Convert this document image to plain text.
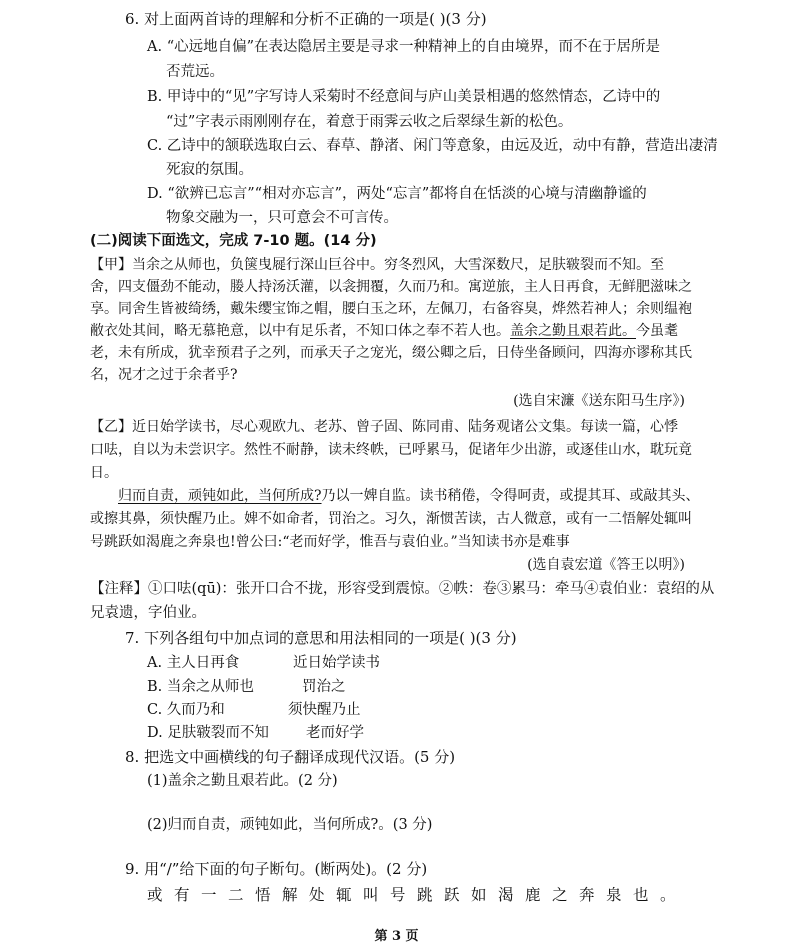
6. 对上面两首诗的理解和分析不正确的一项是( )(3 分)
A. “心远地自偏”在表达隐居主要是寻求一种精神上的自由境界，而不在于居所是
否荒远。
B. 甲诗中的“见”字写诗人采菊时不经意间与庐山美景相遇的悠然情态，乙诗中的
“过”字表示雨刚刚存在，着意于雨霁云收之后翠绿生新的松色。
C. 乙诗中的颔联选取白云、春草、静渚、闲门等意象，由远及近，动中有静，营造出凄清
死寂的氛围。
D. “欲辨已忘言”“相对亦忘言”，两处“忘言”都将自在恬淡的心境与清幽静谧的
物象交融为一，只可意会不可言传。
(二)阅读下面选文，完成 7-10 题。(14 分)
【甲】当余之从师也，负箧曳屣行深山巨谷中。穷冬烈风，大雪深数尺，足肤皲裂而不知。至
舍，四支僵劲不能动，媵人持汤沃灌，以衾拥覆，久而乃和。寓逆旅，主人日再食，无鲜肥滋味之
享。同舍生皆被绮绣，戴朱缨宝饰之帽，腰白玉之环，左佩刀，右备容臭，烨然若神人；余则缊袍
敝衣处其间，略无慕艳意，以中有足乐者，不知口体之奉不若人也。盖余之勤且艰若此。今虽耄
老，未有所成，犹幸预君子之列，而承天子之宠光，缀公卿之后，日侍坐备顾问，四海亦谬称其氏
名，况才之过于余者乎?
(选自宋濂《送东阳马生序》)
【乙】近日始学读书，尽心观欧九、老苏、曾子固、陈同甫、陆务观诸公文集。每读一篇，心悸
口呿，自以为未尝识字。然性不耐静，读未终帙，已呼累马，促诸年少出游，或逐佳山水，耽玩竟
日。
归而自责，顽钝如此，当何所成?乃以一婢自监。读书稍倦，令得呵责，或提其耳、或敲其头、
或擦其鼻，须快醒乃止。婢不如命者，罚治之。习久，渐惯苦读，古人微意，或有一二悟解处辄叫
号跳跃如渴鹿之奔泉也!曾公曰:“老而好学，惟吾与袁伯业。”当知读书亦是难事
(选自袁宏道《答王以明》)
【注释】①口呿(qū)：张开口合不拢，形容受到震惊。②帙：卷③累马：牵马④袁伯业：袁绍的从
兄袁遗，字伯业。
7. 下列各组句中加点词的意思和用法相同的一项是( )(3 分)
A. 主人日再食	近日始学读书
B. 当余之从师也	罚治之
C. 久而乃和	须快醒乃止
D. 足肤皲裂而不知	老而好学
8. 把选文中画横线的句子翻译成现代汉语。(5 分)
(1)盖余之勤且艰若此。(2 分)
(2)归而自责，顽钝如此，当何所成?。(3 分)
9. 用“/”给下面的句子断句。(断两处)。(2 分)
或有一二悟解处辄叫号跳跃如渴鹿之奔泉也。
第 3 页
